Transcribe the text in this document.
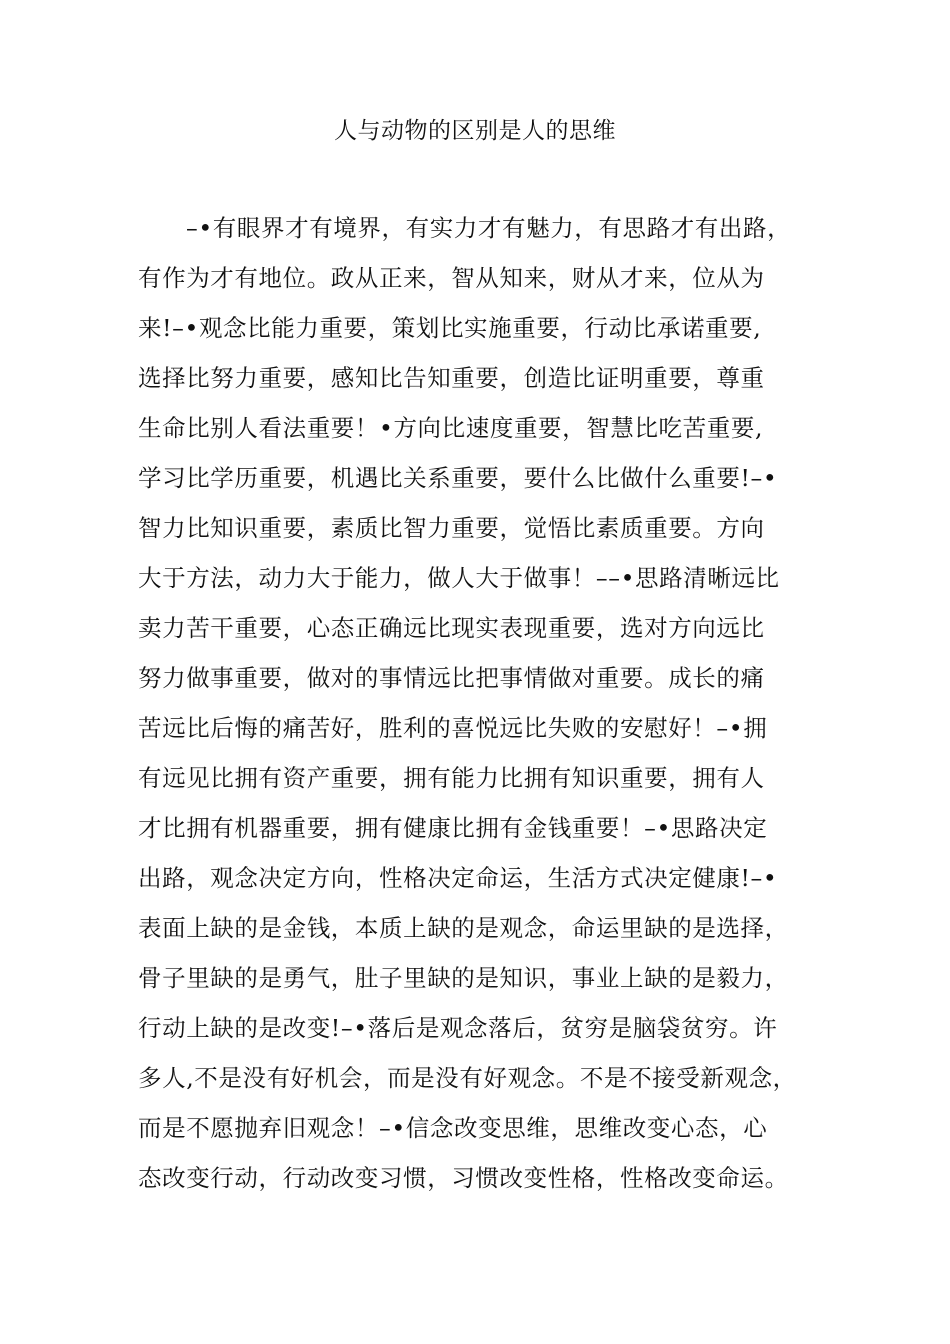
人与动物的区别是人的思维
–•有眼界才有境界，有实力才有魅力，有思路才有出路，
有作为才有地位。政从正来，智从知来，财从才来，位从为
来!–•观念比能力重要，策划比实施重要，行动比承诺重要,
选择比努力重要，感知比告知重要，创造比证明重要，尊重
生命比别人看法重要！•方向比速度重要，智慧比吃苦重要,
学习比学历重要，机遇比关系重要，要什么比做什么重要!–•
智力比知识重要，素质比智力重要，觉悟比素质重要。方向
大于方法，动力大于能力，做人大于做事！––•思路清晰远比
卖力苦干重要，心态正确远比现实表现重要，选对方向远比
努力做事重要，做对的事情远比把事情做对重要。成长的痛
苦远比后悔的痛苦好，胜利的喜悦远比失败的安慰好！–•拥
有远见比拥有资产重要，拥有能力比拥有知识重要，拥有人
才比拥有机器重要，拥有健康比拥有金钱重要！–•思路决定
出路，观念决定方向，性格决定命运，生活方式决定健康!–•
表面上缺的是金钱，本质上缺的是观念，命运里缺的是选择，
骨子里缺的是勇气，肚子里缺的是知识，事业上缺的是毅力，
行动上缺的是改变!–•落后是观念落后，贫穷是脑袋贫穷。许
多人,不是没有好机会，而是没有好观念。不是不接受新观念，
而是不愿抛弃旧观念！–•信念改变思维，思维改变心态，心
态改变行动，行动改变习惯，习惯改变性格，性格改变命运。
